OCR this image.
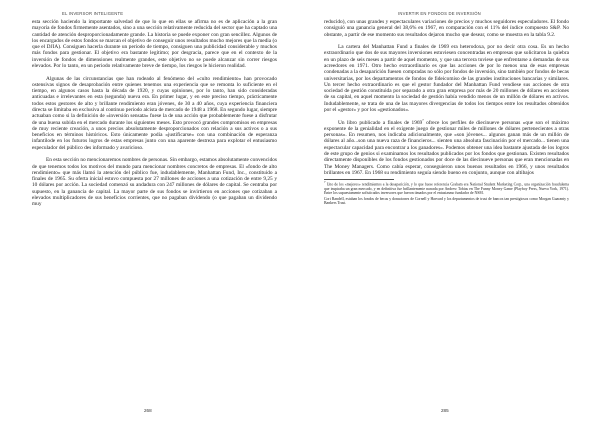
EL INVERSOR INTELIGENTE

esta sección haciendo la importante salvedad de que lo que en ellas se afirma no es de aplicación a la gran mayoría de fondos firmemente asentados, sino a una sección relativamente reducida del sector que ha captado una cantidad de atención desproporcionadamente grande. La historia se puede exponer con gran sencillez. Algunos de los encargados de estos fondos se marcan el objetivo de conseguir unos resultados mucho mejores que la media (o que el DJIA). Consiguen hacerla durante un periodo de tiempo, consiguen una publicidad considerable y muchos más fondos para gestionar. El objetivo era bastante legítimo; por desgracia, parece que en el contexto de la inversión de fondos de dimensiones realmente grandes, este objetivo no se puede alcanzar sin correr riesgos elevados. Por lo tanto, en un periodo relativamente breve de tiempo, los riesgos le hicieron realidad.

Algunas de las circunstancias que han rodeado al fenómeno del «culto rendimiento» han provocado ostensivas signos de desaprobación entre quienes tenemos una experiencia que se remonta lo suficiente en el tiempo, en algunos casos hasta la década de 1920, y cuyas opiniones, por lo tanto, han sido consideradas anticuadas e irrelevantes en esta (segunda) nueva era. En primer lugar, y en este preciso tiempo, prácticamente todos estos gestores de alto y brillante rendimiento eran jóvenes, de 30 a 40 años, cuya experiencia financiera directa se limitaba en exclusiva al continuo periodo alcista de mercado de 1948 a 1968. En segundo lugar, siempre actuaban como si la definición de «inversión sensata» fuese la de una acción que probablemente fuese a disfrutar de una buena subida en el mercado durante los siguientes meses. Esto provocó grandes compromisos en empresas de muy reciente creación, a unos precios absolutamente desproporcionados con relación a sus activos o a sus beneficios en términos históricos. Esto únicamente podía «justificarse» con una combinación de esperanza infantilode en los futuros logros de estas empresas junto con una aparente destreza para explotar el entusiasmo especulador del público des informado y avaricioso.

En esta sección no mencionaremos nombres de personas. Sin embargo, estamos absolutamente convencidos de que tenemos todos los motivos del mundo para mencionar nombres concretos de empresas. El «fondo de alto rendimiento» que más llamó la atención del público fue, indudablemente, Manhattan Fund, Inc., constituido a finales de 1965. Su oferta inicial estuvo compuesta por 27 millones de acciones a una cotización de entre 9,25 y 10 dólares por acción. La sociedad comenzó su andadura con 247 millones de dólares de capital. Se centraba por supuesto, en la ganancia de capital. La mayor parte de sus fondos se invirtieron en acciones que cotizaban a elevados multiplicadores de sus beneficios corrientes, que no pagaban dividendo (o que pagaban un dividendo muy

268
INVERTIR EN FONDOS DE INVERSIÓN

reducido), con unas grandes y espectaculares variaciones de precios y muchos seguidores especuladores. El fondo consiguió una ganancia general del 38,6% en 1967, en comparación con el 11% del índice compuesto S&P. No obstante, a partir de ese momento sus resultados dejaron mucho que desear, como se muestra en la tabla 9.2.

La cartera del Manhattan Fund a finales de 1969 era heterodoxa, por no decir otra cosa. Es un hecho extraordinario que dos de sus mayores inversiones estuviesen concentradas en empresas que solicitaron la quiebra en un plazo de seis meses a partir de aquel momento, y que una tercera tuviese que enfrentarse a demandas de sus acreedores en 1971. Otro hecho extraordinario es que las acciones de por lo menos una de esas empresas condenadas a la desaparición fuesen compradas no sólo por fondos de inversión, sino también por fondos de becas universitarias, por los departamentos de fondos de fideicomiso de las grandes instituciones bancarias y similares. Un tercer hecho extraordinario es que el gestor fundador del Manhattan Fund vendiese sus acciones de otra sociedad de gestión constituida por separado a otra gran empresa por más de 20 millones de dólares en acciones de su capital, en aquel momento la sociedad de gestión había vendido menos de un millón de dólares en activos. Indudablemente, se trata de una de las mayores divergencias de todos los tiempos entre los resultados obtenidos por el «gestor» y por los «gestionados».

Un libro publicado a finales de 1969$^7$ ofrece los perfiles de diecinueve personas «que son el máximo exponente de la genialidad en el exigente juego de gestionar miles de millones de dólares pertenecientes a otras personas». En resumen, nos indicaba adicionalmente, que «son jóvenes... algunos ganan más de un millón de dólares al año...son una nueva raza de financieros... sienten una absoluta fascinación por el mercado... tienen una espectacular capacidad para encontrar a los ganadores». Podemos obtener una idea bastante ajustada de los logros de este grupo de genios si examinamos los resultados publicados por los fondos que gestionan. Existen resultados directamente disponibles de los fondos gestionados por doce de las diecinueve personas que eran mencionadas en The Money Managers. Como cabía esperar, conseguieron unos buenos resultados en 1966, y unos resultados brillantes en 1967. En 1968 su rendimiento seguía siendo bueno en conjunto, aunque con altibajos

$^7$ Uno de los «mejores» rendimientos a la desaparición, y lo que fuese referencia Graham era National Student Marketing Corp., una organización fraudulenta que inspiraba un gran mercado, y en definitiva fue brillantemente narrada por Andrew Tobias en The Funny Money Game (Playboy Press, Nueva York, 1971). Entre los supuestamente sofisticados inversores que fueron timados por el entusiasmo fundador de NSM.

Cort Randell, estaban los fondos de becas y donaciones de Cornell y Harvard y los departamentos de trust de bancos tan prestigiosos como Morgan Guaranty y Bankers Trust.

285
